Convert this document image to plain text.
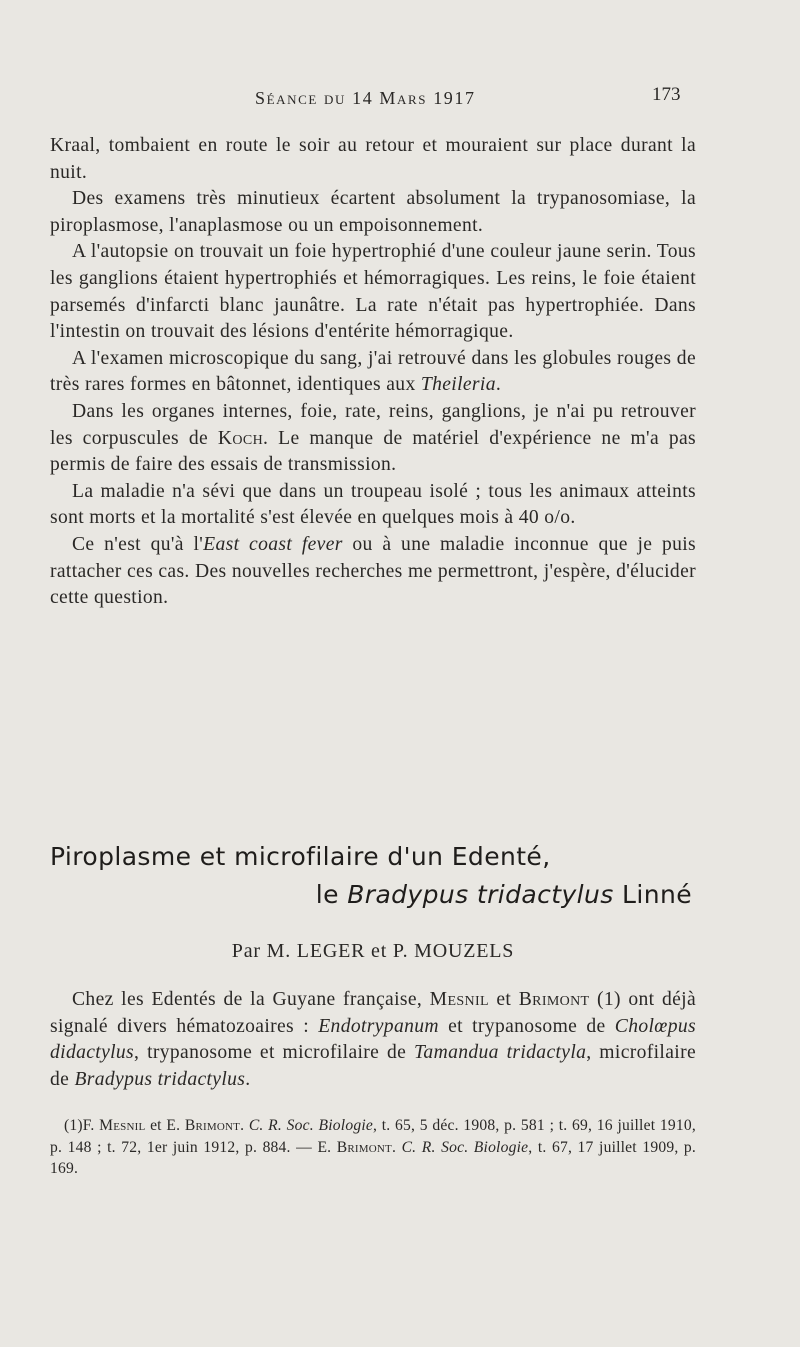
Séance du 14 Mars 1917	173

Kraal, tombaient en route le soir au retour et mouraient sur place durant la nuit.

Des examens très minutieux écartent absolument la trypanosomiase, la piroplasmose, l'anaplasmose ou un empoisonnement.

A l'autopsie on trouvait un foie hypertrophié d'une couleur jaune serin. Tous les ganglions étaient hypertrophiés et hémorragiques. Les reins, le foie étaient parsemés d'infarcti blanc jaunâtre. La rate n'était pas hypertrophiée. Dans l'intestin on trouvait des lésions d'entérite hémorragique.

A l'examen microscopique du sang, j'ai retrouvé dans les globules rouges de très rares formes en bâtonnet, identiques aux Theileria.

Dans les organes internes, foie, rate, reins, ganglions, je n'ai pu retrouver les corpuscules de Koch. Le manque de matériel d'expérience ne m'a pas permis de faire des essais de transmission.

La maladie n'a sévi que dans un troupeau isolé ; tous les animaux atteints sont morts et la mortalité s'est élevée en quelques mois à 40 o/o.

Ce n'est qu'à l'East coast fever ou à une maladie inconnue que je puis rattacher ces cas. Des nouvelles recherches me permettront, j'espère, d'élucider cette question.

Piroplasme et microfilaire d'un Edenté,
le Bradypus tridactylus Linné
Par M. LEGER et P. MOUZELS

Chez les Edentés de la Guyane française, Mesnil et Brimont (1) ont déjà signalé divers hématozoaires : Endotrypanum et trypanosome de Cholœpus didactylus, trypanosome et microfilaire de Tamandua tridactyla, microfilaire de Bradypus tridactylus.

(1)F. Mesnil et E. Brimont. C. R. Soc. Biologie, t. 65, 5 déc. 1908, p. 581 ; t. 69, 16 juillet 1910, p. 148 ; t. 72, 1er juin 1912, p. 884. — E. Brimont. C. R. Soc. Biologie, t. 67, 17 juillet 1909, p. 169.
